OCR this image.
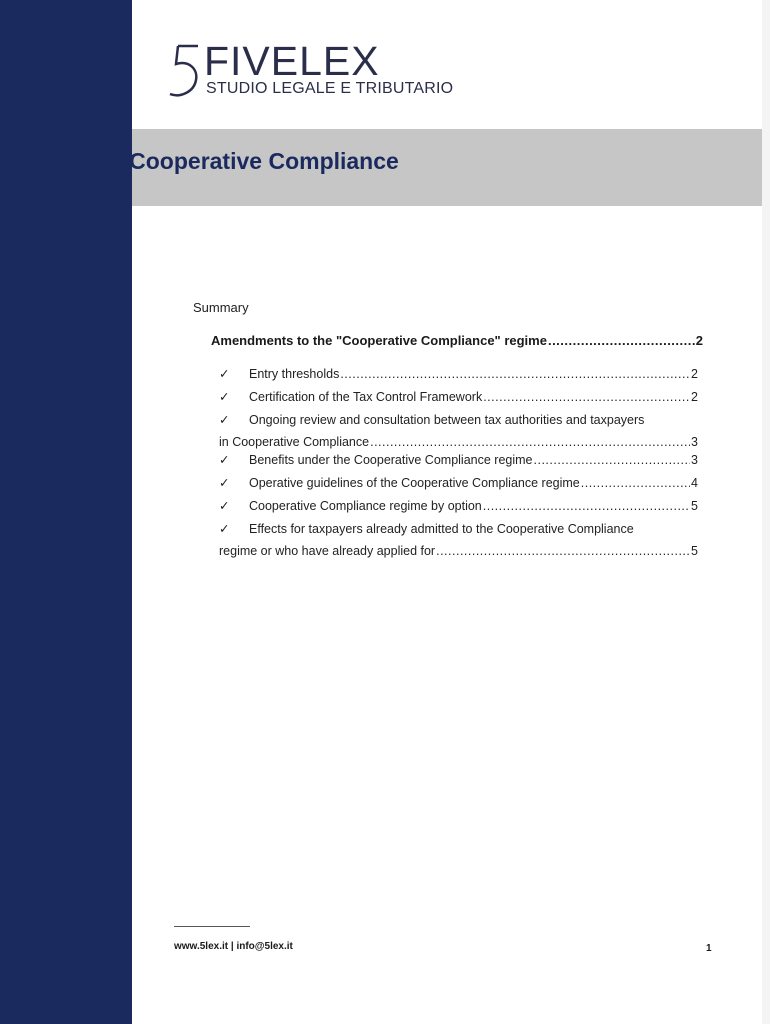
FIVELEX
STUDIO LEGALE E TRIBUTARIO
Tax | Cooperative Compliance
Summary
Amendments to the "Cooperative Compliance" regime .....	2
✓	Entry thresholds .....	2
✓	Certification of the Tax Control Framework .....	2
✓	Ongoing review and consultation between tax authorities and taxpayers
in Cooperative Compliance .....	3
✓	Benefits under the Cooperative Compliance regime .....	3
✓	Operative guidelines of the Cooperative Compliance regime .....	4
✓	Cooperative Compliance regime by option .....	5
✓	Effects for taxpayers already admitted to the Cooperative Compliance
regime or who have already applied for .....	5
www.5lex.it | info@5lex.it	1
